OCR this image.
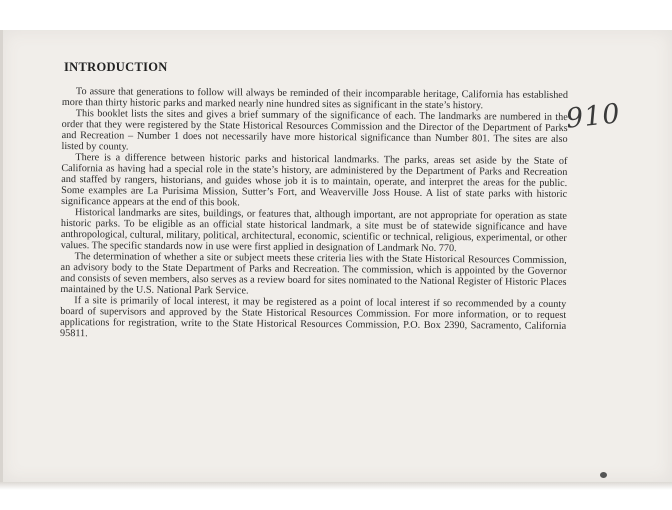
INTRODUCTION
910

To assure that generations to follow will always be reminded of their incomparable heritage, California has established more than thirty historic parks and marked nearly nine hundred sites as significant in the state’s history.

This booklet lists the sites and gives a brief summary of the significance of each. The landmarks are numbered in the order that they were registered by the State Historical Resources Commission and the Director of the Department of Parks and Recreation – Number 1 does not necessarily have more historical significance than Number 801. The sites are also listed by county.

There is a difference between historic parks and historical landmarks. The parks, areas set aside by the State of California as having had a special role in the state’s history, are administered by the Department of Parks and Recreation and staffed by rangers, historians, and guides whose job it is to maintain, operate, and interpret the areas for the public. Some examples are La Purisima Mission, Sutter’s Fort, and Weaverville Joss House. A list of state parks with historic significance appears at the end of this book.

Historical landmarks are sites, buildings, or features that, although important, are not appropriate for operation as state historic parks. To be eligible as an official state historical landmark, a site must be of statewide significance and have anthropological, cultural, military, political, architectural, economic, scientific or technical, religious, experimental, or other values. The specific standards now in use were first applied in designation of Landmark No. 770.

The determination of whether a site or subject meets these criteria lies with the State Historical Resources Commission, an advisory body to the State Department of Parks and Recreation. The commission, which is appointed by the Governor and consists of seven members, also serves as a review board for sites nominated to the National Register of Historic Places maintained by the U.S. National Park Service.

If a site is primarily of local interest, it may be registered as a point of local interest if so recommended by a county board of supervisors and approved by the State Historical Resources Commission. For more information, or to request applications for registration, write to the State Historical Resources Commission, P.O. Box 2390, Sacramento, California 95811.
